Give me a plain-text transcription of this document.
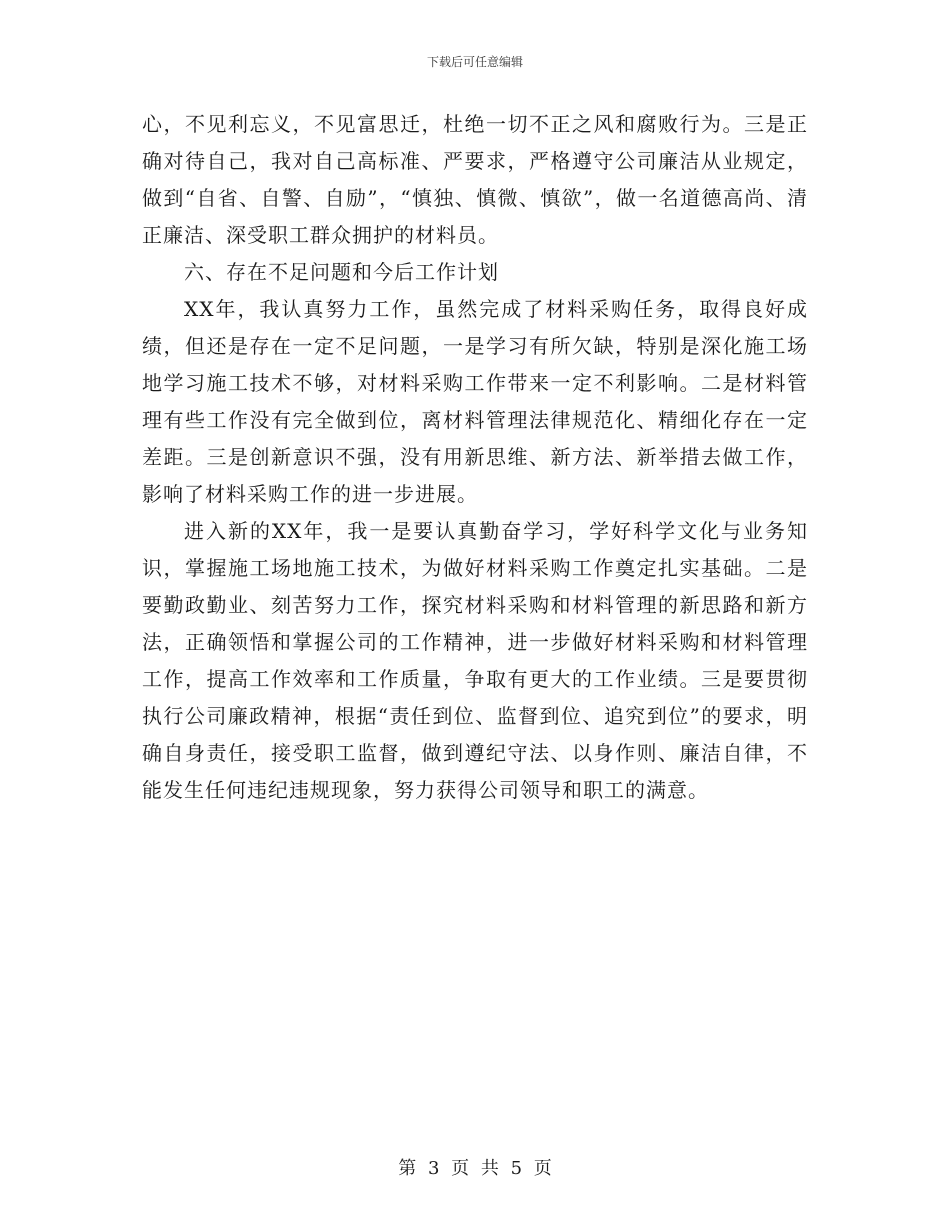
下载后可任意编辑

心，不见利忘义，不见富思迁，杜绝一切不正之风和腐败行为。三是正确对待自己，我对自己高标准、严要求，严格遵守公司廉洁从业规定，做到“自省、自警、自励”，“慎独、慎微、慎欲”，做一名道德高尚、清正廉洁、深受职工群众拥护的材料员。

六、存在不足问题和今后工作计划

XX年，我认真努力工作，虽然完成了材料采购任务，取得良好成绩，但还是存在一定不足问题，一是学习有所欠缺，特别是深化施工场地学习施工技术不够，对材料采购工作带来一定不利影响。二是材料管理有些工作没有完全做到位，离材料管理法律规范化、精细化存在一定差距。三是创新意识不强，没有用新思维、新方法、新举措去做工作，影响了材料采购工作的进一步进展。

进入新的XX年，我一是要认真勤奋学习，学好科学文化与业务知识，掌握施工场地施工技术，为做好材料采购工作奠定扎实基础。二是要勤政勤业、刻苦努力工作，探究材料采购和材料管理的新思路和新方法，正确领悟和掌握公司的工作精神，进一步做好材料采购和材料管理工作，提高工作效率和工作质量，争取有更大的工作业绩。三是要贯彻执行公司廉政精神，根据“责任到位、监督到位、追究到位”的要求，明确自身责任，接受职工监督，做到遵纪守法、以身作则、廉洁自律，不能发生任何违纪违规现象，努力获得公司领导和职工的满意。

第 3 页 共 5 页
